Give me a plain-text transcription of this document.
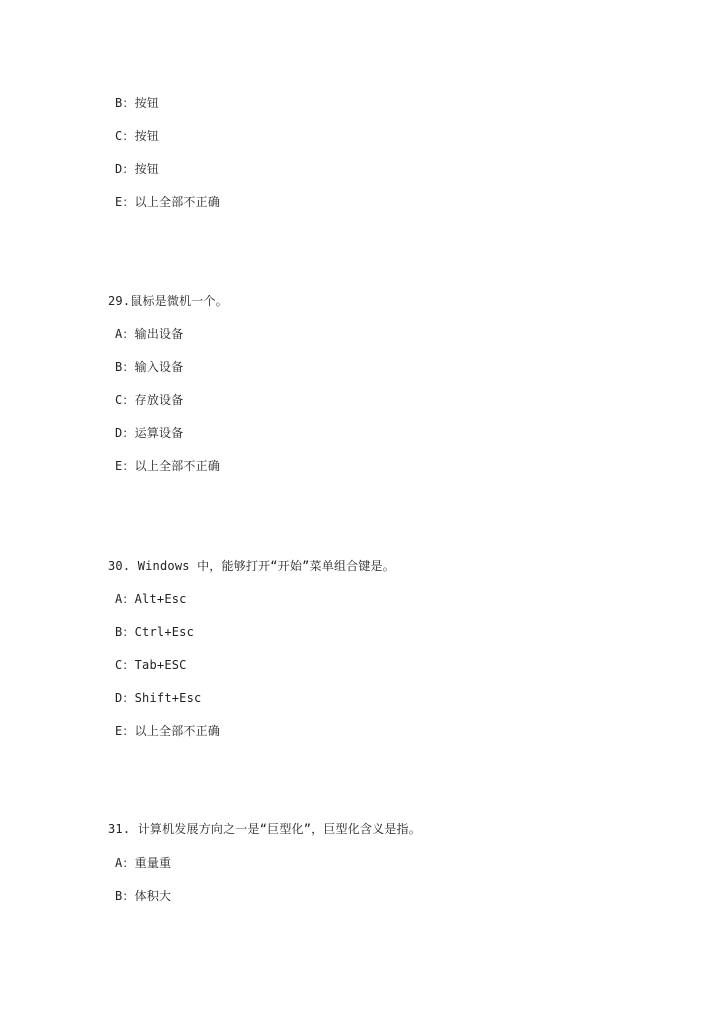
B：按钮
C：按钮
D：按钮
E：以上全部不正确
29.鼠标是微机一个。
A：输出设备
B：输入设备
C：存放设备
D：运算设备
E：以上全部不正确
30. Windows 中，能够打开“开始”菜单组合键是。
A：Alt+Esc
B：Ctrl+Esc
C：Tab+ESC
D：Shift+Esc
E：以上全部不正确
31. 计算机发展方向之一是“巨型化”，巨型化含义是指。
A：重量重
B：体积大
